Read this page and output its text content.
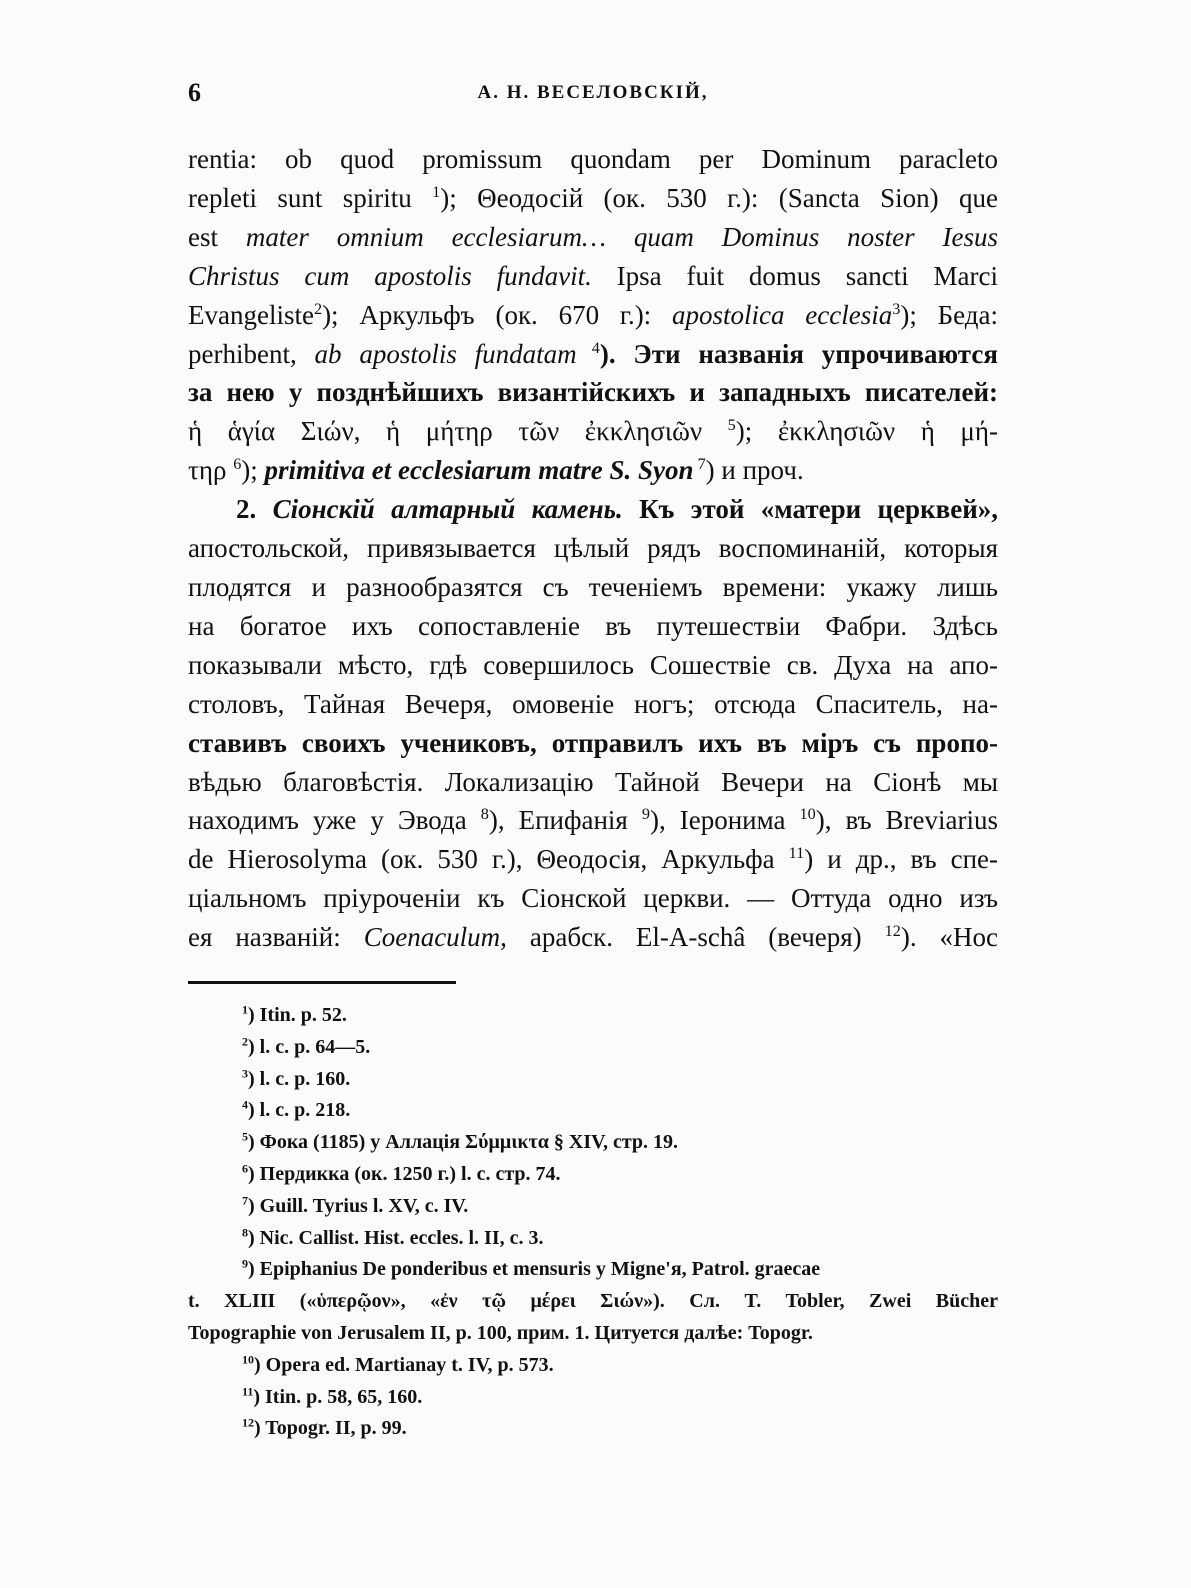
6	А. Н. ВЕСЕЛОВСКІЙ,
rentia: ob quod promissum quondam per Dominum paracleto
repleti sunt spiritu $^1$); Θеодосій (ок. 530 г.): (Sancta Sion) que
est mater omnium ecclesiarum… quam Dominus noster Iesus
Christus cum apostolis fundavit. Ipsa fuit domus sancti Marci
Evangeliste$^2$); Аркульфъ (ок. 670 г.): apostolica ecclesia$^3$); Беда:
perhibent, ab apostolis fundatam $^4$). Эти названія упрочиваются
за нею у позднѣйшихъ византійскихъ и западныхъ писателей:
ἡ ἁγία Σιών, ἡ μήτηρ τῶν ἐκκλησιῶν $^5$); ἐκκλησιῶν ἡ μή-
τηρ $^6$); primitiva et ecclesiarum matre S. Syon $^7$) и проч.
2. Сіонскій алтарный камень. Къ этой «матери церквей»,
апостольской, привязывается цѣлый рядъ воспоминаній, которыя
плодятся и разнообразятся съ теченіемъ времени: укажу лишь
на богатое ихъ сопоставленіе въ путешествіи Фабри. Здѣсь
показывали мѣсто, гдѣ совершилось Сошествіе св. Духа на апо-
столовъ, Тайная Вечеря, омовеніе ногъ; отсюда Спаситель, на-
ставивъ своихъ учениковъ, отправилъ ихъ въ міръ съ пропо-
вѣдью благовѣстія. Локализацію Тайной Вечери на Сіонѣ мы
находимъ уже у Эвода $^8$), Епифанія $^9$), Іеронима $^{10}$), въ Breviarius
de Hierosolyma (ок. 530 г.), Θеодосія, Аркульфа $^{11}$) и др., въ спе-
ціальномъ пріуроченіи къ Сіонской церкви. — Оттуда одно изъ
ея названій: Coenaculum, арабск. El-A-schâ (вечеря) $^{12}$). «Hoc
$^1$) Itin. p. 52.
$^2$) l. c. p. 64—5.
$^3$) l. c. p. 160.
$^4$) l. c. p. 218.
$^5$) Фока (1185) у Аллація Σύμμικτα § XIV, стр. 19.
$^6$) Пердикка (ок. 1250 г.) l. c. стр. 74.
$^7$) Guill. Tyrius l. XV, c. IV.
$^8$) Nic. Callist. Hist. eccles. l. II, c. 3.
$^9$) Epiphanius De ponderibus et mensuris y Migne'я, Patrol. graecae
t. XLIII («ὑπερῷον», «ἐν τῷ μέρει Σιών»). Сл. T. Tobler, Zwei Bücher
Topographie von Jerusalem II, p. 100, прим. 1. Цитуется далѣе: Topogr.
$^{10}$) Opera ed. Martianay t. IV, p. 573.
$^{11}$) Itin. p. 58, 65, 160.
$^{12}$) Topogr. II, p. 99.
